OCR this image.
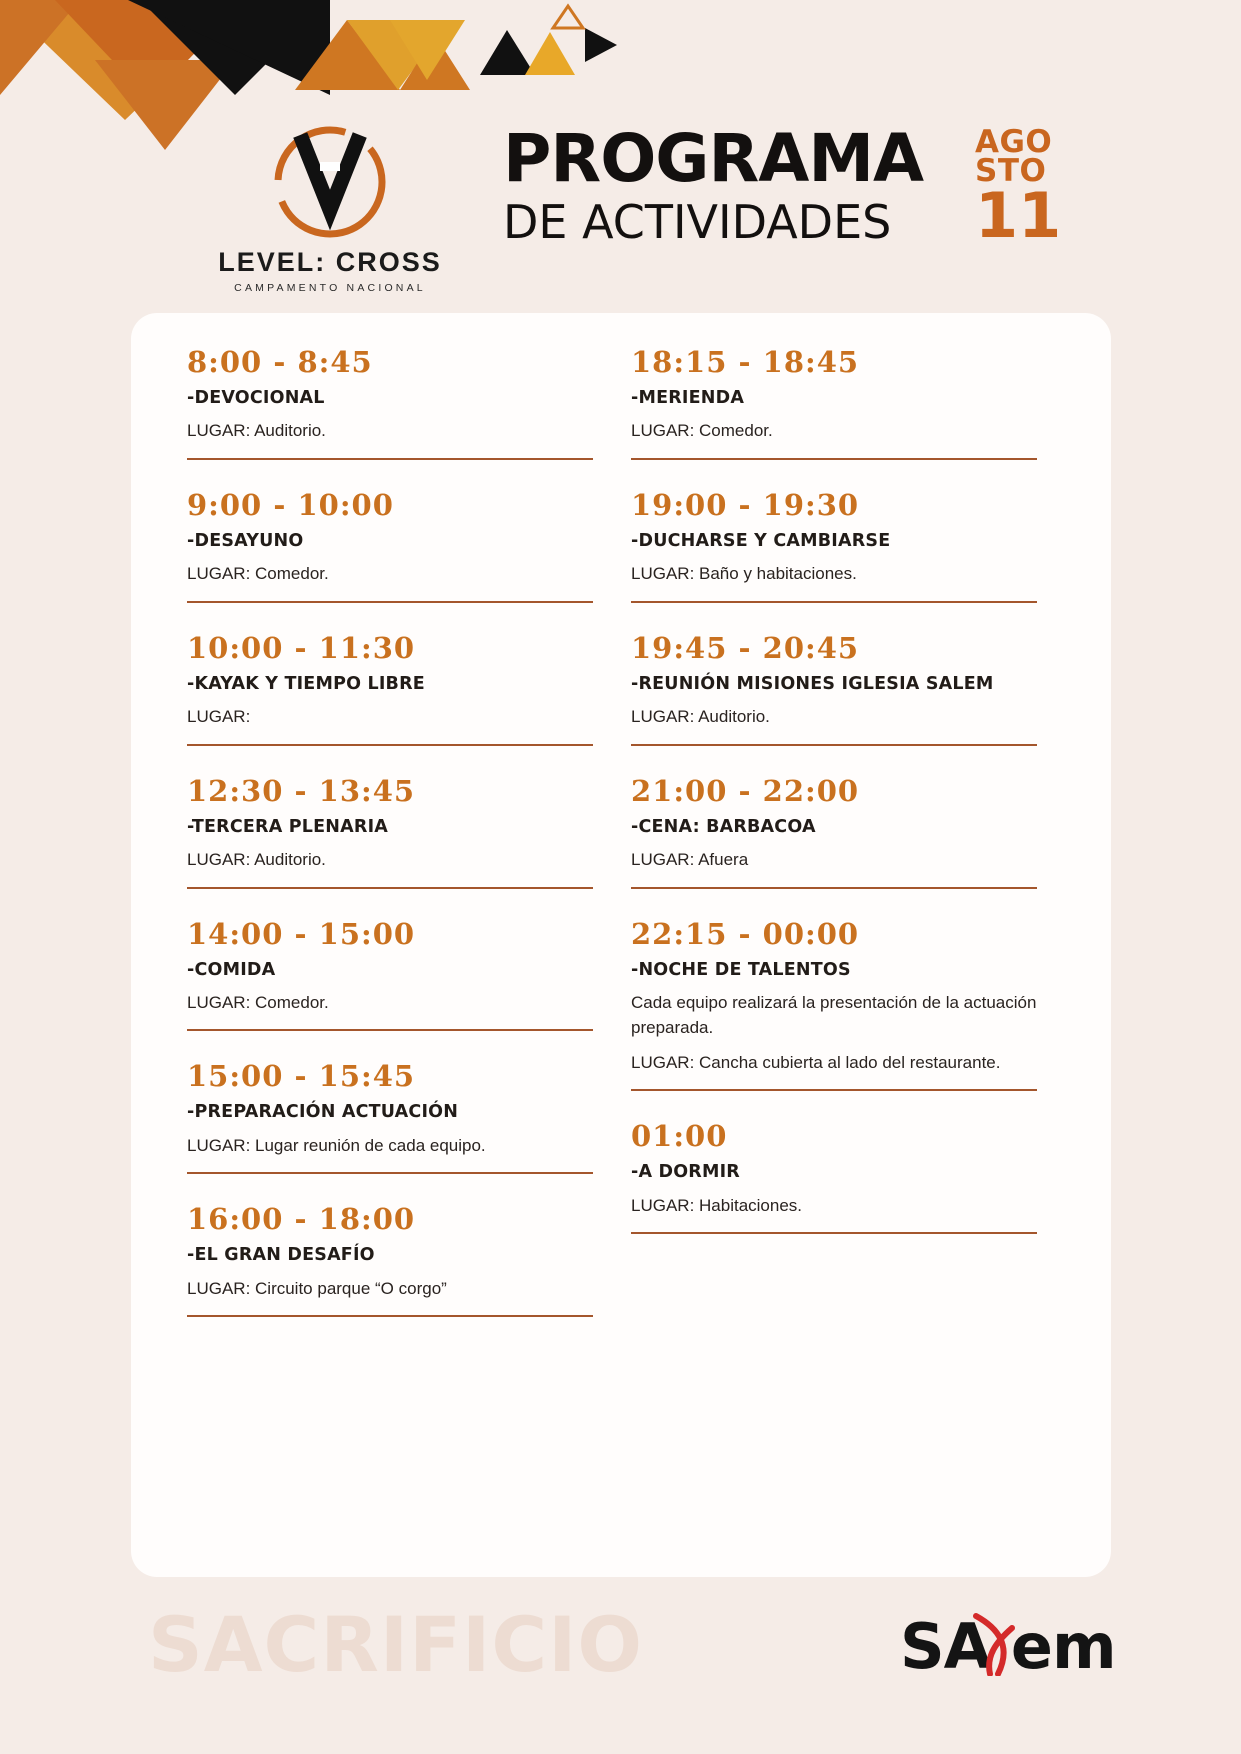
LEVEL: CROSS
CAMPAMENTO NACIONAL
PROGRAMA
DE ACTIVIDADES
AGO
STO
11
8:00 - 8:45
-DEVOCIONAL
LUGAR: Auditorio.
9:00 - 10:00
-DESAYUNO
LUGAR: Comedor.
10:00 - 11:30
-KAYAK Y TIEMPO LIBRE
LUGAR:
12:30 - 13:45
-TERCERA PLENARIA
LUGAR: Auditorio.
14:00 - 15:00
-COMIDA
LUGAR: Comedor.
15:00 - 15:45
-PREPARACIÓN ACTUACIÓN
LUGAR: Lugar reunión de cada equipo.
16:00 - 18:00
-EL GRAN DESAFÍO
LUGAR: Circuito parque “O corgo”
18:15 - 18:45
-MERIENDA
LUGAR: Comedor.
19:00 - 19:30
-DUCHARSE Y CAMBIARSE
LUGAR: Baño y habitaciones.
19:45 - 20:45
-REUNIÓN MISIONES IGLESIA SALEM
LUGAR: Auditorio.
21:00 - 22:00
-CENA: BARBACOA
LUGAR: Afuera
22:15 - 00:00
-NOCHE DE TALENTOS
Cada equipo realizará la presentación de la actuación preparada.
LUGAR: Cancha cubierta al lado del restaurante.
01:00
-A DORMIR
LUGAR: Habitaciones.
SACRIFICIO	SA em
